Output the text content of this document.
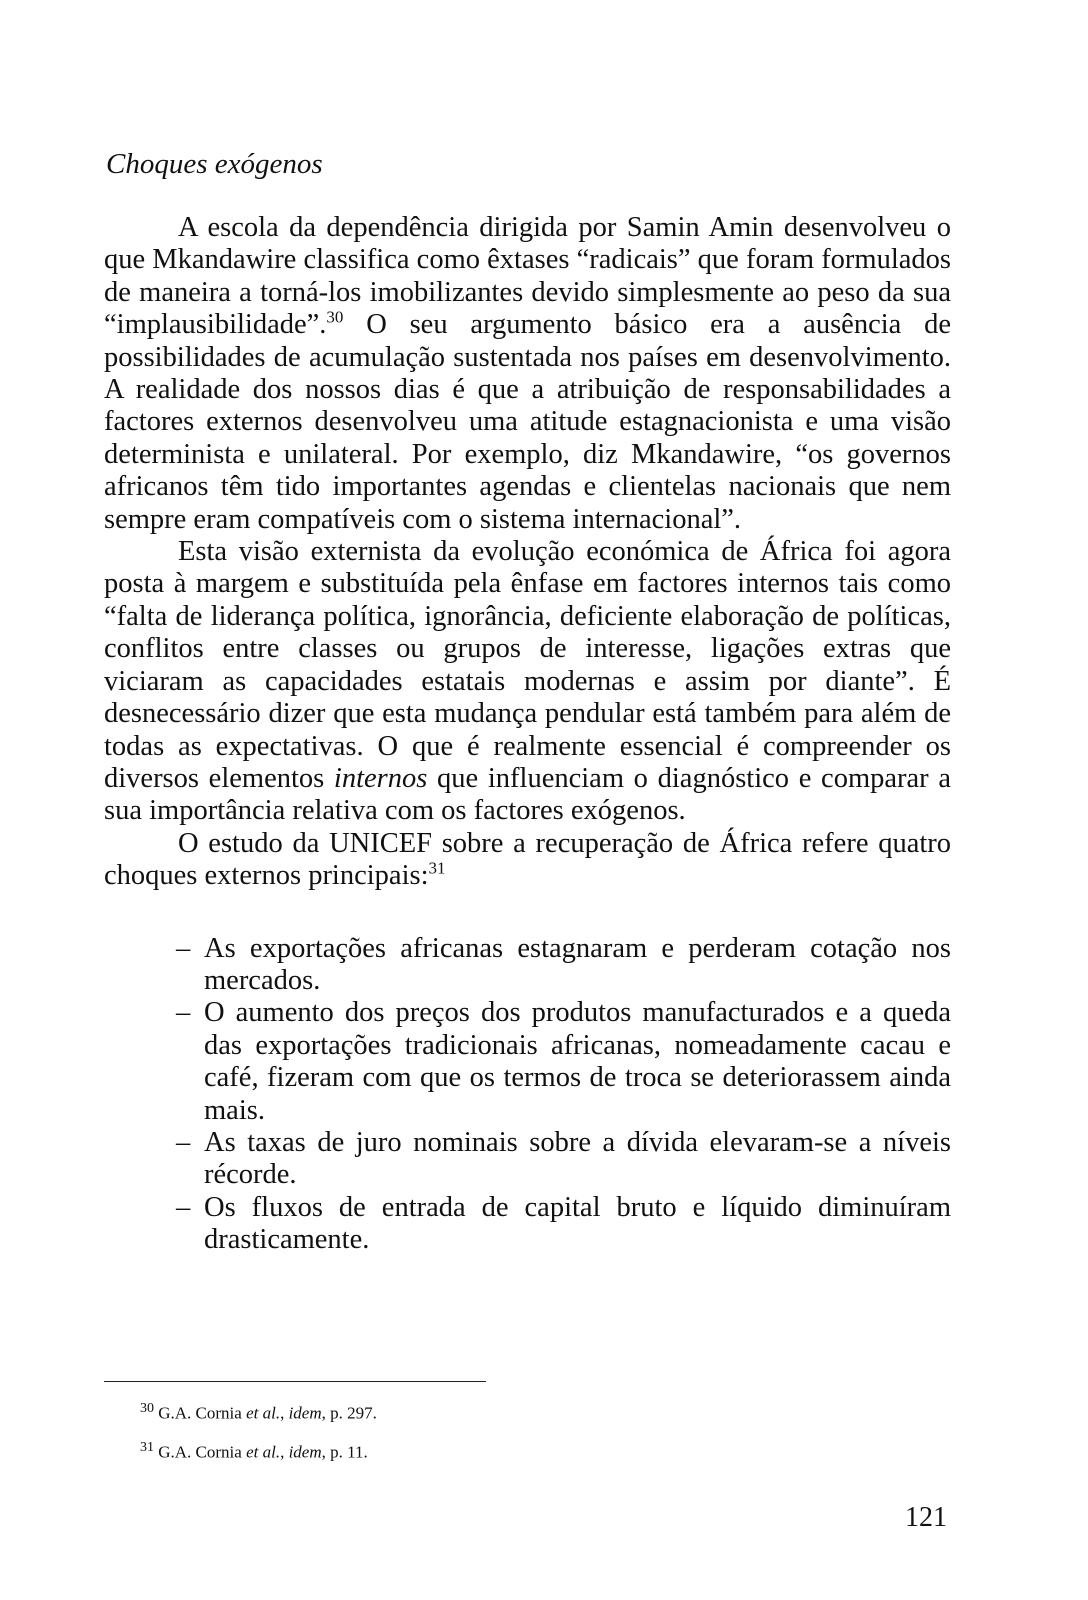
Choques exógenos

A escola da dependência dirigida por Samin Amin desenvolveu o que Mkandawire classifica como êxtases “radicais” que foram formulados de maneira a torná-los imobilizantes devido simplesmente ao peso da sua “implausibilidade”.$^{30}$ O seu argumento básico era a ausência de possibilidades de acumulação sustentada nos países em desenvolvimento. A realidade dos nossos dias é que a atribuição de responsabilidades a factores externos desenvolveu uma atitude estagnacionista e uma visão determinista e unilateral. Por exemplo, diz Mkandawire, “os governos africanos têm tido importantes agendas e clientelas nacionais que nem sempre eram compatíveis com o sistema internacional”.

Esta visão externista da evolução económica de África foi agora posta à margem e substituída pela ênfase em factores internos tais como “falta de liderança política, ignorância, deficiente elaboração de políticas, conflitos entre classes ou grupos de interesse, ligações extras que viciaram as capacidades estatais modernas e assim por diante”. É desnecessário dizer que esta mudança pendular está também para além de todas as expectativas. O que é realmente essencial é compreender os diversos elementos internos que influenciam o diagnóstico e comparar a sua importância relativa com os factores exógenos.

O estudo da UNICEF sobre a recuperação de África refere quatro choques externos principais:$^{31}$

– As exportações africanas estagnaram e perderam cotação nos mercados.
– O aumento dos preços dos produtos manufacturados e a queda das exportações tradicionais africanas, nomeadamente cacau e café, fizeram com que os termos de troca se deteriorassem ainda mais.
– As taxas de juro nominais sobre a dívida elevaram-se a níveis récorde.
– Os fluxos de entrada de capital bruto e líquido diminuíram drasticamente.
$^{30}$ G.A. Cornia et al., idem, p. 297.
$^{31}$ G.A. Cornia et al., idem, p. 11.
121
